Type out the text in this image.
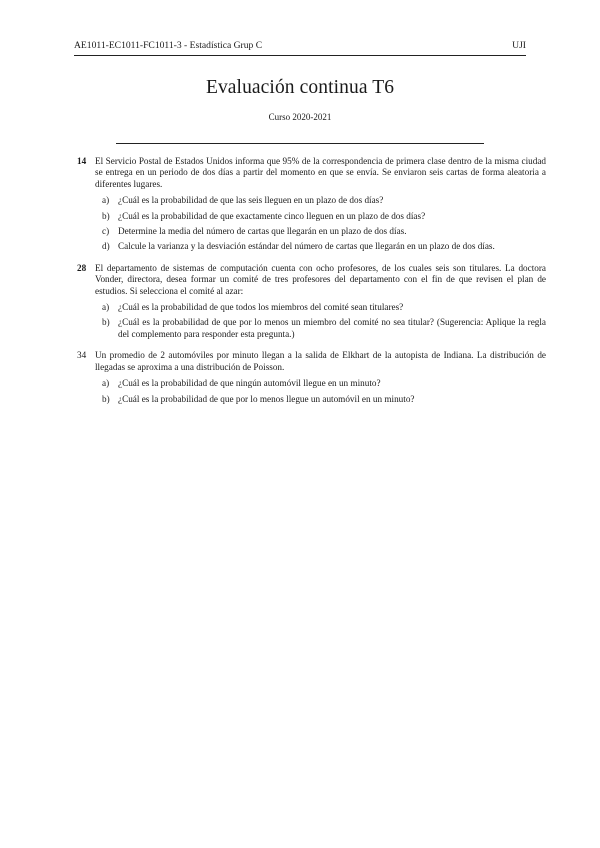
AE1011-EC1011-FC1011-3 - Estadística Grup C	UJI
Evaluación continua T6
Curso 2020-2021
14 El Servicio Postal de Estados Unidos informa que 95% de la correspondencia de primera clase dentro de la misma ciudad se entrega en un periodo de dos días a partir del momento en que se envía. Se enviaron seis cartas de forma aleatoria a diferentes lugares.
a) ¿Cuál es la probabilidad de que las seis lleguen en un plazo de dos días?
b) ¿Cuál es la probabilidad de que exactamente cinco lleguen en un plazo de dos días?
c) Determine la media del número de cartas que llegarán en un plazo de dos días.
d) Calcule la varianza y la desviación estándar del número de cartas que llegarán en un plazo de dos días.
28 El departamento de sistemas de computación cuenta con ocho profesores, de los cuales seis son titulares. La doctora Vonder, directora, desea formar un comité de tres profesores del departamento con el fin de que revisen el plan de estudios. Si selecciona el comité al azar:
a) ¿Cuál es la probabilidad de que todos los miembros del comité sean titulares?
b) ¿Cuál es la probabilidad de que por lo menos un miembro del comité no sea titular? (Sugerencia: Aplique la regla del complemento para responder esta pregunta.)
34 Un promedio de 2 automóviles por minuto llegan a la salida de Elkhart de la autopista de Indiana. La distribución de llegadas se aproxima a una distribución de Poisson.
a) ¿Cuál es la probabilidad de que ningún automóvil llegue en un minuto?
b) ¿Cuál es la probabilidad de que por lo menos llegue un automóvil en un minuto?
